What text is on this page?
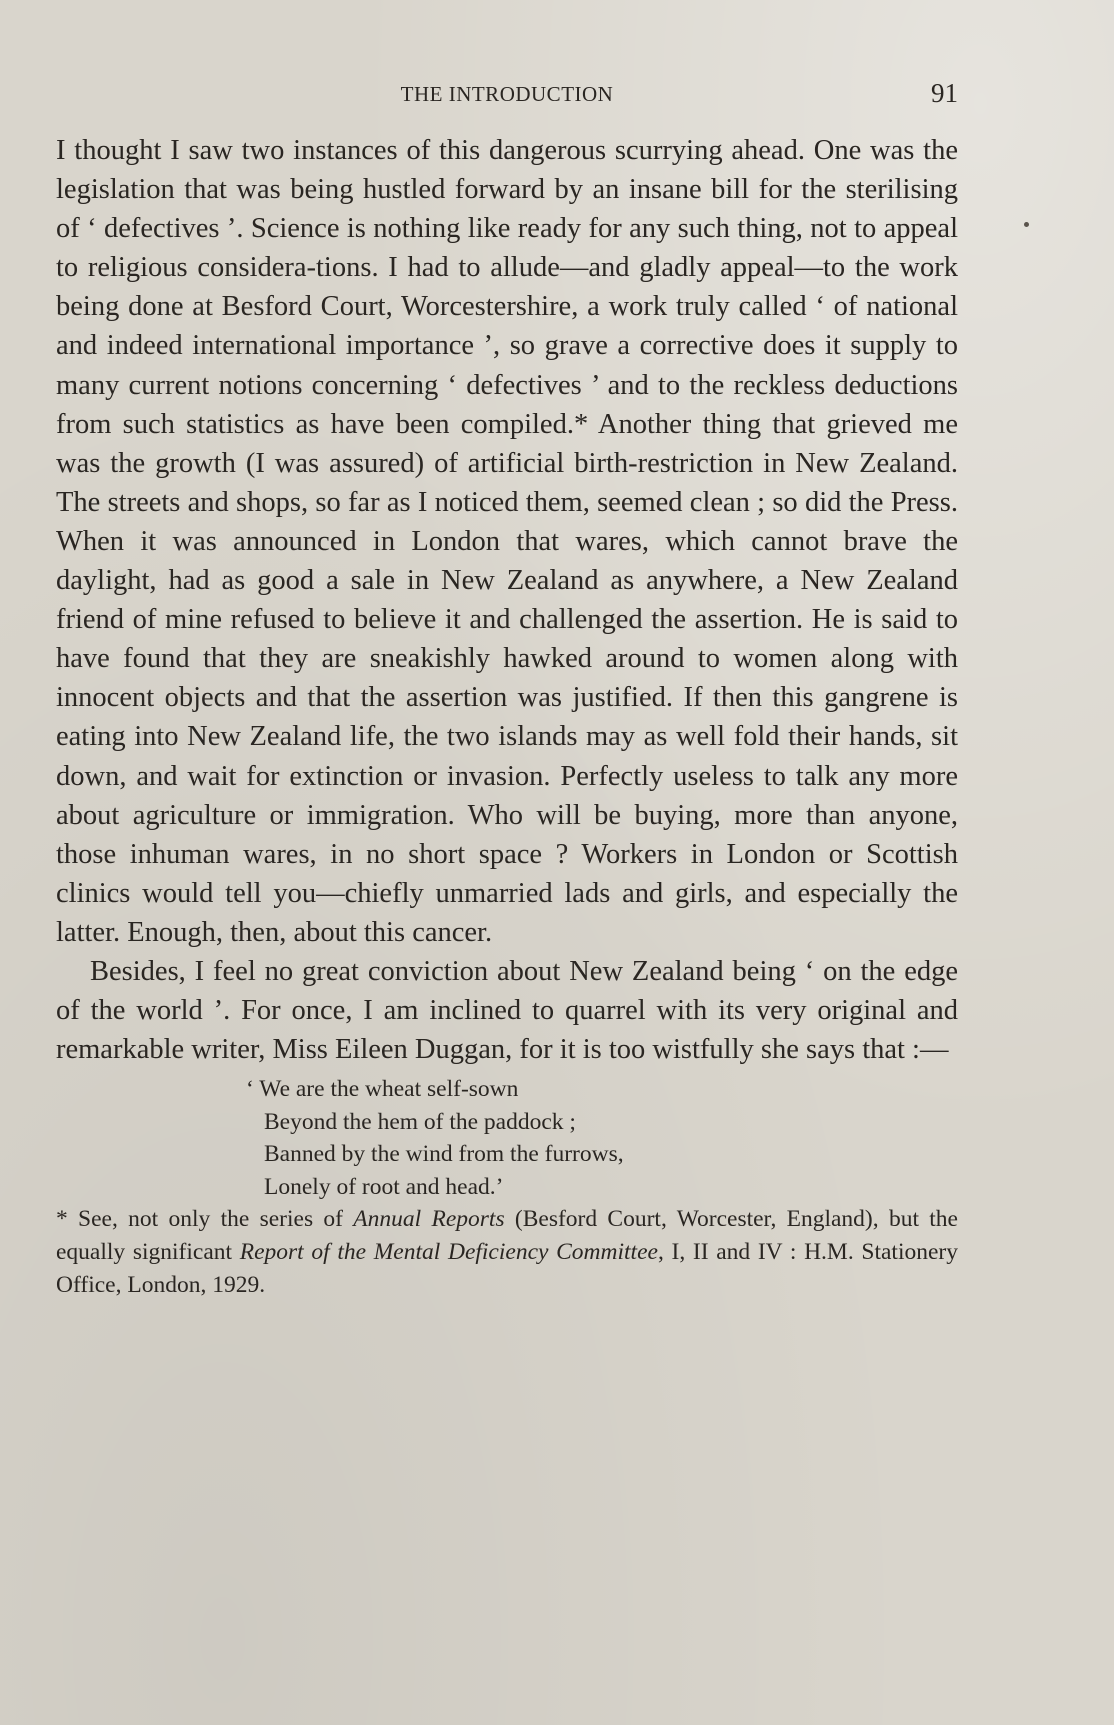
THE INTRODUCTION	91

I thought I saw two instances of this dangerous scurrying ahead. One was the legislation that was being hustled forward by an insane bill for the sterilising of ‘ defectives ’. Science is nothing like ready for any such thing, not to appeal to religious considera-tions. I had to allude—and gladly appeal—to the work being done at Besford Court, Worcestershire, a work truly called ‘ of national and indeed international importance ’, so grave a corrective does it supply to many current notions concerning ‘ defectives ’ and to the reckless deductions from such statistics as have been compiled.* Another thing that grieved me was the growth (I was assured) of artificial birth-restriction in New Zealand. The streets and shops, so far as I noticed them, seemed clean ; so did the Press. When it was announced in London that wares, which cannot brave the daylight, had as good a sale in New Zealand as anywhere, a New Zealand friend of mine refused to believe it and challenged the assertion. He is said to have found that they are sneakishly hawked around to women along with innocent objects and that the assertion was justified. If then this gangrene is eating into New Zealand life, the two islands may as well fold their hands, sit down, and wait for extinction or invasion. Perfectly useless to talk any more about agriculture or immigration. Who will be buying, more than anyone, those inhuman wares, in no short space ? Workers in London or Scottish clinics would tell you—chiefly unmarried lads and girls, and especially the latter. Enough, then, about this cancer.

Besides, I feel no great conviction about New Zealand being ‘ on the edge of the world ’. For once, I am inclined to quarrel with its very original and remarkable writer, Miss Eileen Duggan, for it is too wistfully she says that :—

‘ We are the wheat self-sown
Beyond the hem of the paddock ;
Banned by the wind from the furrows,
Lonely of root and head.’

* See, not only the series of Annual Reports (Besford Court, Worcester, England), but the equally significant Report of the Mental Deficiency Committee, I, II and IV : H.M. Stationery Office, London, 1929.
